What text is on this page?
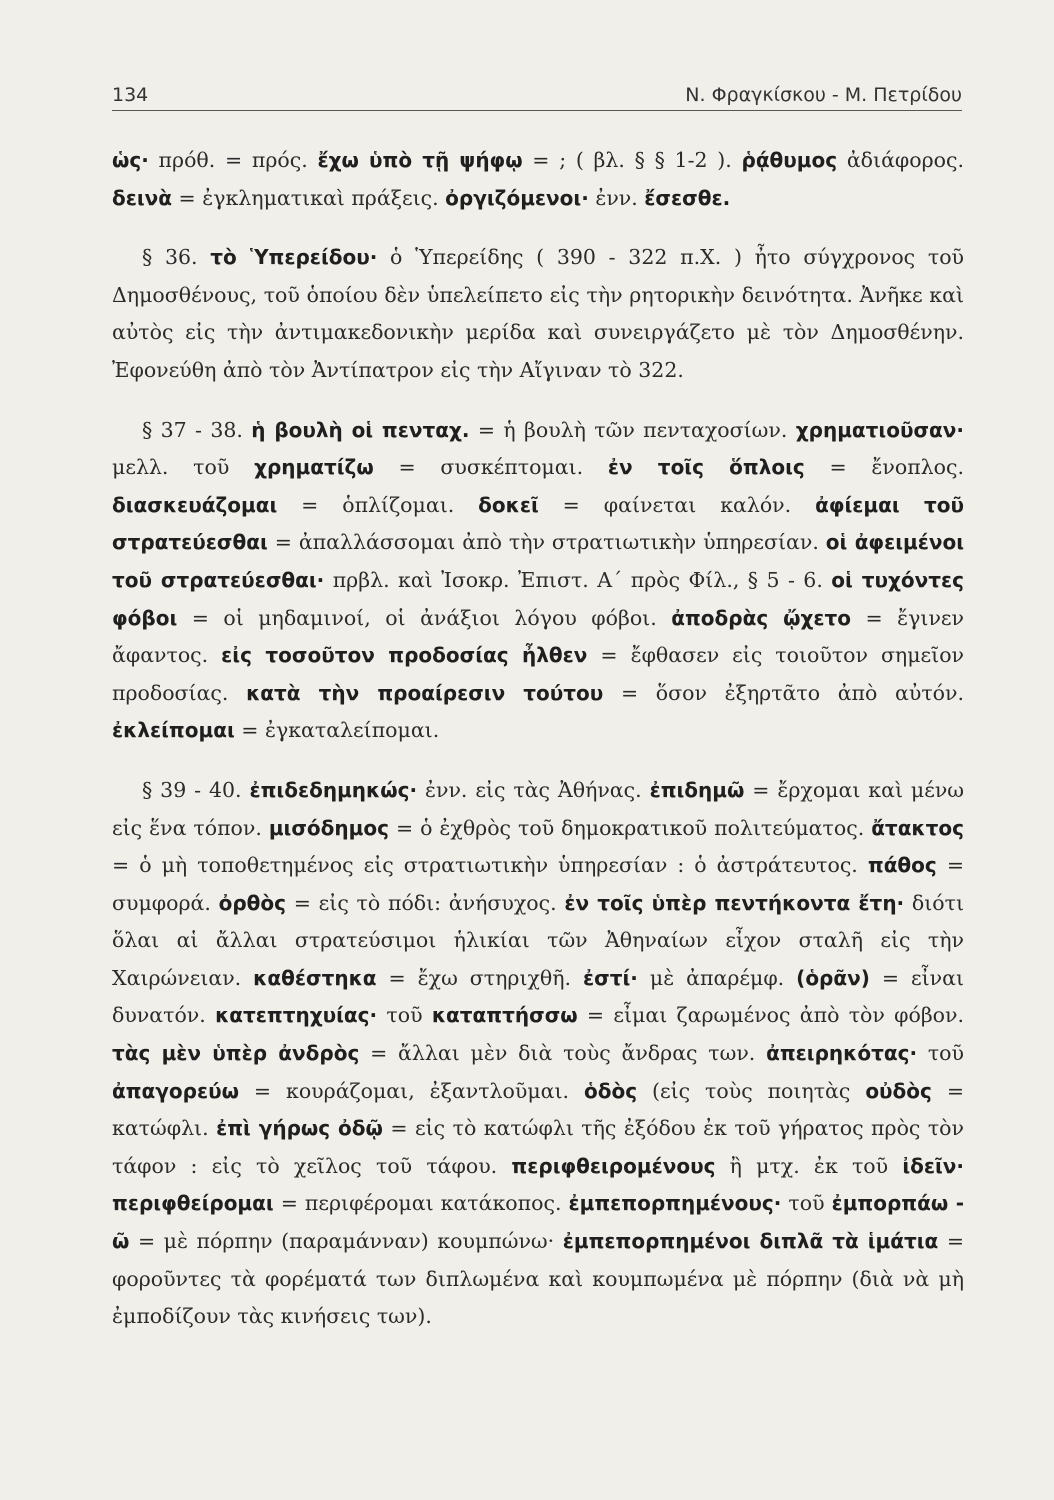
134	Ν. Φραγκίσκου - Μ. Πετρίδου

ὡς· πρόθ. = πρός. ἔχω ὑπὸ τῇ ψήφῳ = ; ( βλ. § § 1-2 ). ῥᾴθυμος ἀδιάφορος. δεινὰ = ἐγκληματικαὶ πράξεις. ὀργιζόμενοι· ἐνν. ἔσεσθε.

§ 36. τὸ Ὑπερείδου· ὁ Ὑπερείδης ( 390 - 322 π.Χ. ) ἦτο σύγχρονος τοῦ Δημοσθένους, τοῦ ὁποίου δὲν ὑπελείπετο εἰς τὴν ρητορικὴν δεινότητα. Ἀνῆκε καὶ αὐτὸς εἰς τὴν ἀντιμακεδονικὴν μερίδα καὶ συνειργάζετο μὲ τὸν Δημοσθένην. Ἐφονεύθη ἀπὸ τὸν Ἀντίπατρον εἰς τὴν Αἴγιναν τὸ 322.

§ 37 - 38. ἡ βουλὴ οἱ πενταχ. = ἡ βουλὴ τῶν πενταχοσίων. χρηματιοῦσαν· μελλ. τοῦ χρηματίζω = συσκέπτομαι. ἐν τοῖς ὅπλοις = ἔνοπλος. διασκευάζομαι = ὁπλίζομαι. δοκεῖ = φαίνεται καλόν. ἀφίεμαι τοῦ στρατεύεσθαι = ἀπαλλάσσομαι ἀπὸ τὴν στρατιωτικὴν ὑπηρεσίαν. οἱ ἀφειμένοι τοῦ στρατεύεσθαι· πρβλ. καὶ Ἰσοκρ. Ἐπιστ. Α΄ πρὸς Φίλ., § 5 - 6. οἱ τυχόντες φόβοι = οἱ μηδαμινοί, οἱ ἀνάξιοι λόγου φόβοι. ἀποδρὰς ᾤχετο = ἔγινεν ἄφαντος. εἰς τοσοῦτον προδοσίας ἦλθεν = ἔφθασεν εἰς τοιοῦτον σημεῖον προδοσίας. κατὰ τὴν προαίρεσιν τούτου = ὅσον ἐξηρτᾶτο ἀπὸ αὐτόν. ἐκλείπομαι = ἐγκαταλείπομαι.

§ 39 - 40. ἐπιδεδημηκώς· ἐνν. εἰς τὰς Ἀθήνας. ἐπιδημῶ = ἔρχομαι καὶ μένω εἰς ἕνα τόπον. μισόδημος = ὁ ἐχθρὸς τοῦ δημοκρατικοῦ πολιτεύματος. ἄτακτος = ὁ μὴ τοποθετημένος εἰς στρατιωτικὴν ὑπηρεσίαν : ὁ ἀστράτευτος. πάθος = συμφορά. ὀρθὸς = εἰς τὸ πόδι: ἀνήσυχος. ἐν τοῖς ὑπὲρ πεντήκοντα ἔτη· διότι ὅλαι αἱ ἄλλαι στρατεύσιμοι ἡλικίαι τῶν Ἀθηναίων εἶχον σταλῆ εἰς τὴν Χαιρώνειαν. καθέστηκα = ἔχω στηριχθῆ. ἐστί· μὲ ἀπαρέμφ. (ὁρᾶν) = εἶναι δυνατόν. κατεπτηχυίας· τοῦ καταπτήσσω = εἶμαι ζαρωμένος ἀπὸ τὸν φόβον. τὰς μὲν ὑπὲρ ἀνδρὸς = ἄλλαι μὲν διὰ τοὺς ἄνδρας των. ἀπειρηκότας· τοῦ ἀπαγορεύω = κουράζομαι, ἐξαντλοῦμαι. ὁδὸς (εἰς τοὺς ποιητὰς οὐδὸς = κατώφλι. ἐπὶ γήρως ὀδῷ = εἰς τὸ κατώφλι τῆς ἐξόδου ἐκ τοῦ γήρατος πρὸς τὸν τάφον : εἰς τὸ χεῖλος τοῦ τάφου. περιφθειρομένους ἢ μτχ. ἐκ τοῦ ἰδεῖν· περιφθείρομαι = περιφέρομαι κατάκοπος. ἐμπεπορπημένους· τοῦ ἐμπορπάω - ῶ = μὲ πόρπην (παραμάνναν) κουμπώνω· ἐμπεπορπημένοι διπλᾶ τὰ ἱμάτια = φοροῦντες τὰ φορέματά των διπλωμένα καὶ κουμπωμένα μὲ πόρπην (διὰ νὰ μὴ ἐμποδίζουν τὰς κινήσεις των).
